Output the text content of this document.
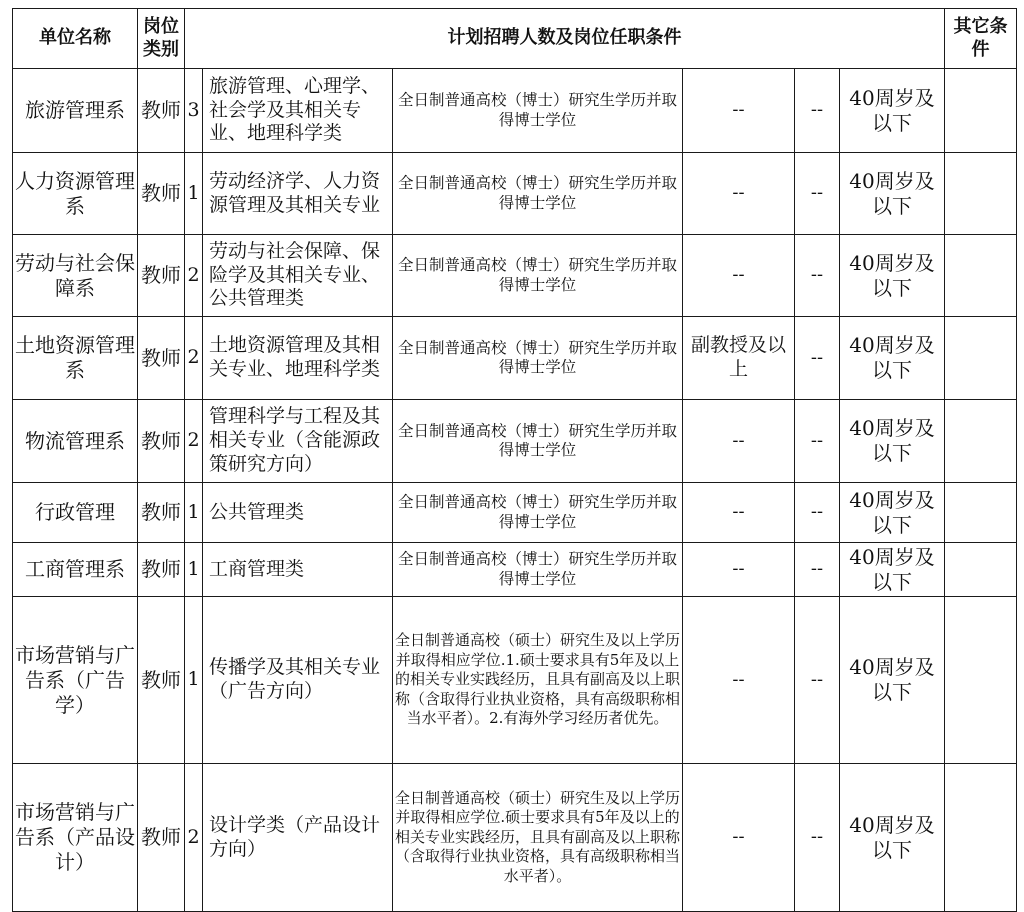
单位名称	岗位类别	计划招聘人数及岗位任职条件						其它条件
旅游管理系	教师	3	旅游管理、心理学、社会学及其相关专业、地理科学类	全日制普通高校（博士）研究生学历并取得博士学位	--	--	40周岁及以下	
人力资源管理系	教师	1	劳动经济学、人力资源管理及其相关专业	全日制普通高校（博士）研究生学历并取得博士学位	--	--	40周岁及以下	
劳动与社会保障系	教师	2	劳动与社会保障、保险学及其相关专业、公共管理类	全日制普通高校（博士）研究生学历并取得博士学位	--	--	40周岁及以下	
土地资源管理系	教师	2	土地资源管理及其相关专业、地理科学类	全日制普通高校（博士）研究生学历并取得博士学位	副教授及以上	--	40周岁及以下	
物流管理系	教师	2	管理科学与工程及其相关专业（含能源政策研究方向）	全日制普通高校（博士）研究生学历并取得博士学位	--	--	40周岁及以下	
行政管理	教师	1	公共管理类	全日制普通高校（博士）研究生学历并取得博士学位	--	--	40周岁及以下	
工商管理系	教师	1	工商管理类	全日制普通高校（博士）研究生学历并取得博士学位	--	--	40周岁及以下	
市场营销与广告系（广告学）	教师	1	传播学及其相关专业（广告方向）	全日制普通高校（硕士）研究生及以上学历并取得相应学位.1.硕士要求具有5年及以上的相关专业实践经历，且具有副高及以上职称（含取得行业执业资格，具有高级职称相当水平者）。2.有海外学习经历者优先。	--	--	40周岁及以下	
市场营销与广告系（产品设计）	教师	2	设计学类（产品设计方向）	全日制普通高校（硕士）研究生及以上学历并取得相应学位.硕士要求具有5年及以上的相关专业实践经历，且具有副高及以上职称（含取得行业执业资格，具有高级职称相当水平者）。	--	--	40周岁及以下	
